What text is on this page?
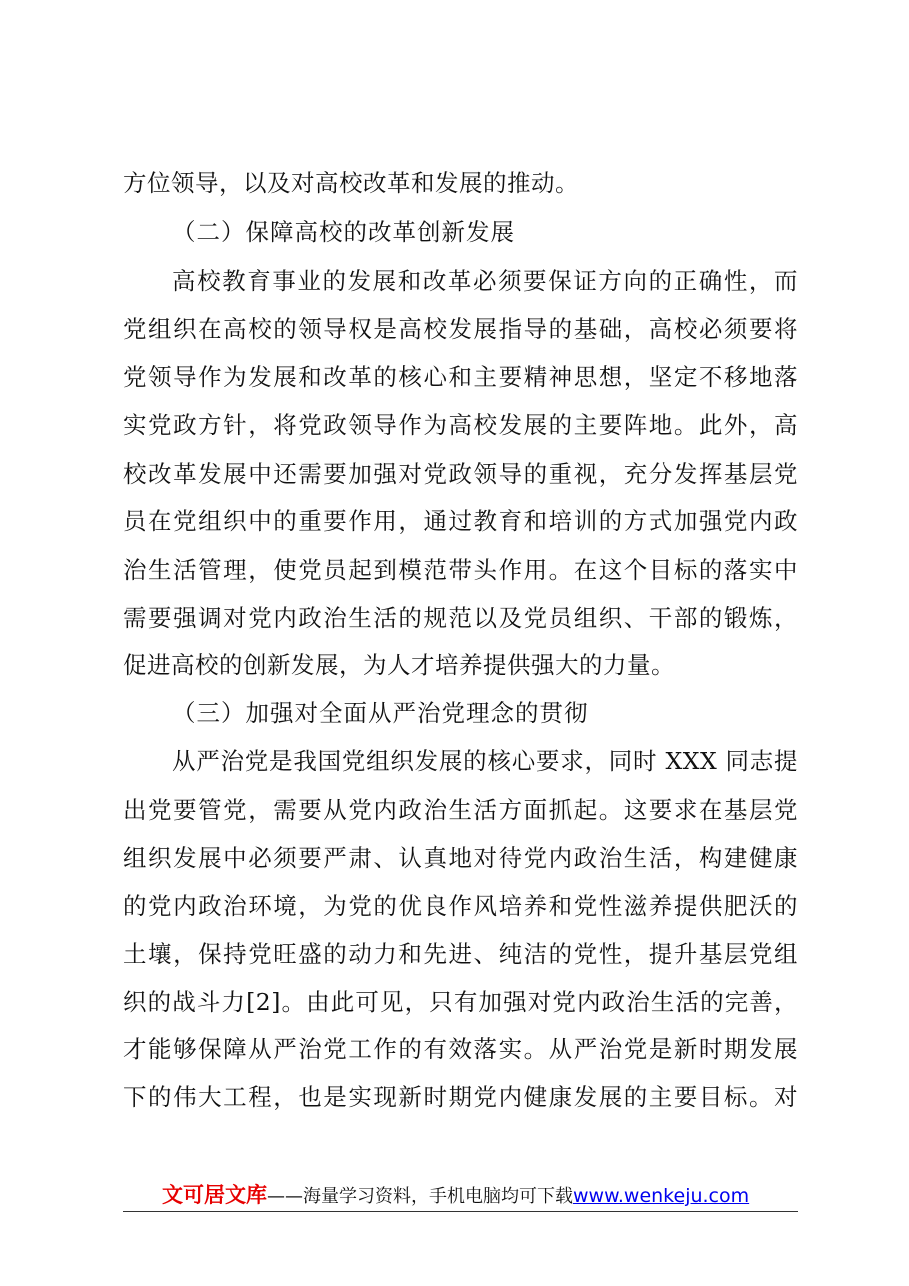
方位领导，以及对高校改革和发展的推动。
（二）保障高校的改革创新发展
高校教育事业的发展和改革必须要保证方向的正确性，而
党组织在高校的领导权是高校发展指导的基础，高校必须要将
党领导作为发展和改革的核心和主要精神思想，坚定不移地落
实党政方针，将党政领导作为高校发展的主要阵地。此外，高
校改革发展中还需要加强对党政领导的重视，充分发挥基层党
员在党组织中的重要作用，通过教育和培训的方式加强党内政
治生活管理，使党员起到模范带头作用。在这个目标的落实中
需要强调对党内政治生活的规范以及党员组织、干部的锻炼，
促进高校的创新发展，为人才培养提供强大的力量。
（三）加强对全面从严治党理念的贯彻
从严治党是我国党组织发展的核心要求，同时 XXX 同志提
出党要管党，需要从党内政治生活方面抓起。这要求在基层党
组织发展中必须要严肃、认真地对待党内政治生活，构建健康
的党内政治环境，为党的优良作风培养和党性滋养提供肥沃的
土壤，保持党旺盛的动力和先进、纯洁的党性，提升基层党组
织的战斗力[2]。由此可见，只有加强对党内政治生活的完善，
才能够保障从严治党工作的有效落实。从严治党是新时期发展
下的伟大工程，也是实现新时期党内健康发展的主要目标。对
文可居文库——海量学习资料，手机电脑均可下载www.wenkeju.com
